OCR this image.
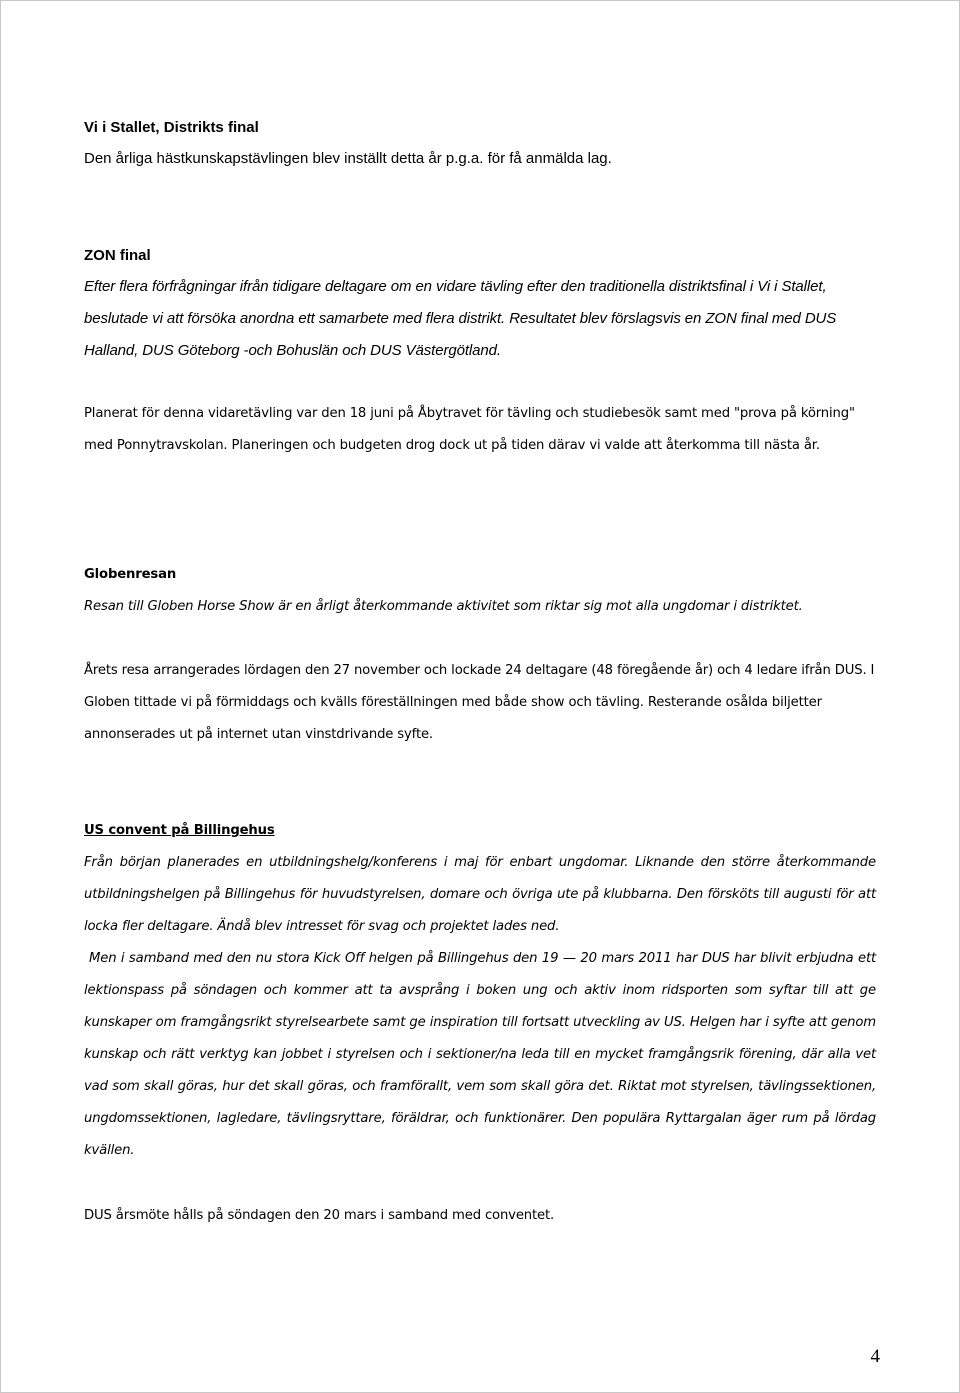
Vi i Stallet, Distrikts final

Den årliga hästkunskapstävlingen blev inställt detta år p.g.a. för få anmälda lag.

ZON final

Efter flera förfrågningar ifrån tidigare deltagare om en vidare tävling efter den traditionella distriktsfinal i Vi i Stallet, beslutade vi att försöka anordna ett samarbete med flera distrikt. Resultatet blev förslagsvis en ZON final med DUS Halland, DUS Göteborg -och Bohuslän och DUS Västergötland.

Planerat för denna vidaretävling var den 18 juni på Åbytravet för tävling och studiebesök samt med "prova på körning" med Ponnytravskolan. Planeringen och budgeten drog dock ut på tiden därav vi valde att återkomma till nästa år.

Globenresan

Resan till Globen Horse Show är en årligt återkommande aktivitet som riktar sig mot alla ungdomar i distriktet.

Årets resa arrangerades lördagen den 27 november och lockade 24 deltagare (48 föregående år) och 4 ledare ifrån DUS. I Globen tittade vi på förmiddags och kvälls föreställningen med både show och tävling. Resterande osålda biljetter annonserades ut på internet utan vinstdrivande syfte.

US convent på Billingehus

Från början planerades en utbildningshelg/konferens i maj för enbart ungdomar. Liknande den större återkommande utbildningshelgen på Billingehus för huvudstyrelsen, domare och övriga ute på klubbarna. Den försköts till augusti för att locka fler deltagare. Ändå blev intresset för svag och projektet lades ned.

Men i samband med den nu stora Kick Off helgen på Billingehus den 19 — 20 mars 2011 har DUS har blivit erbjudna ett lektionspass på söndagen och kommer att ta avsprång i boken ung och aktiv inom ridsporten som syftar till att ge kunskaper om framgångsrikt styrelsearbete samt ge inspiration till fortsatt utveckling av US. Helgen har i syfte att genom kunskap och rätt verktyg kan jobbet i styrelsen och i sektioner/na leda till en mycket framgångsrik förening, där alla vet vad som skall göras, hur det skall göras, och framförallt, vem som skall göra det. Riktat mot styrelsen, tävlingssektionen, ungdomssektionen, lagledare, tävlingsryttare, föräldrar, och funktionärer. Den populära Ryttargalan äger rum på lördag kvällen.

DUS årsmöte hålls på söndagen den 20 mars i samband med conventet.

4
